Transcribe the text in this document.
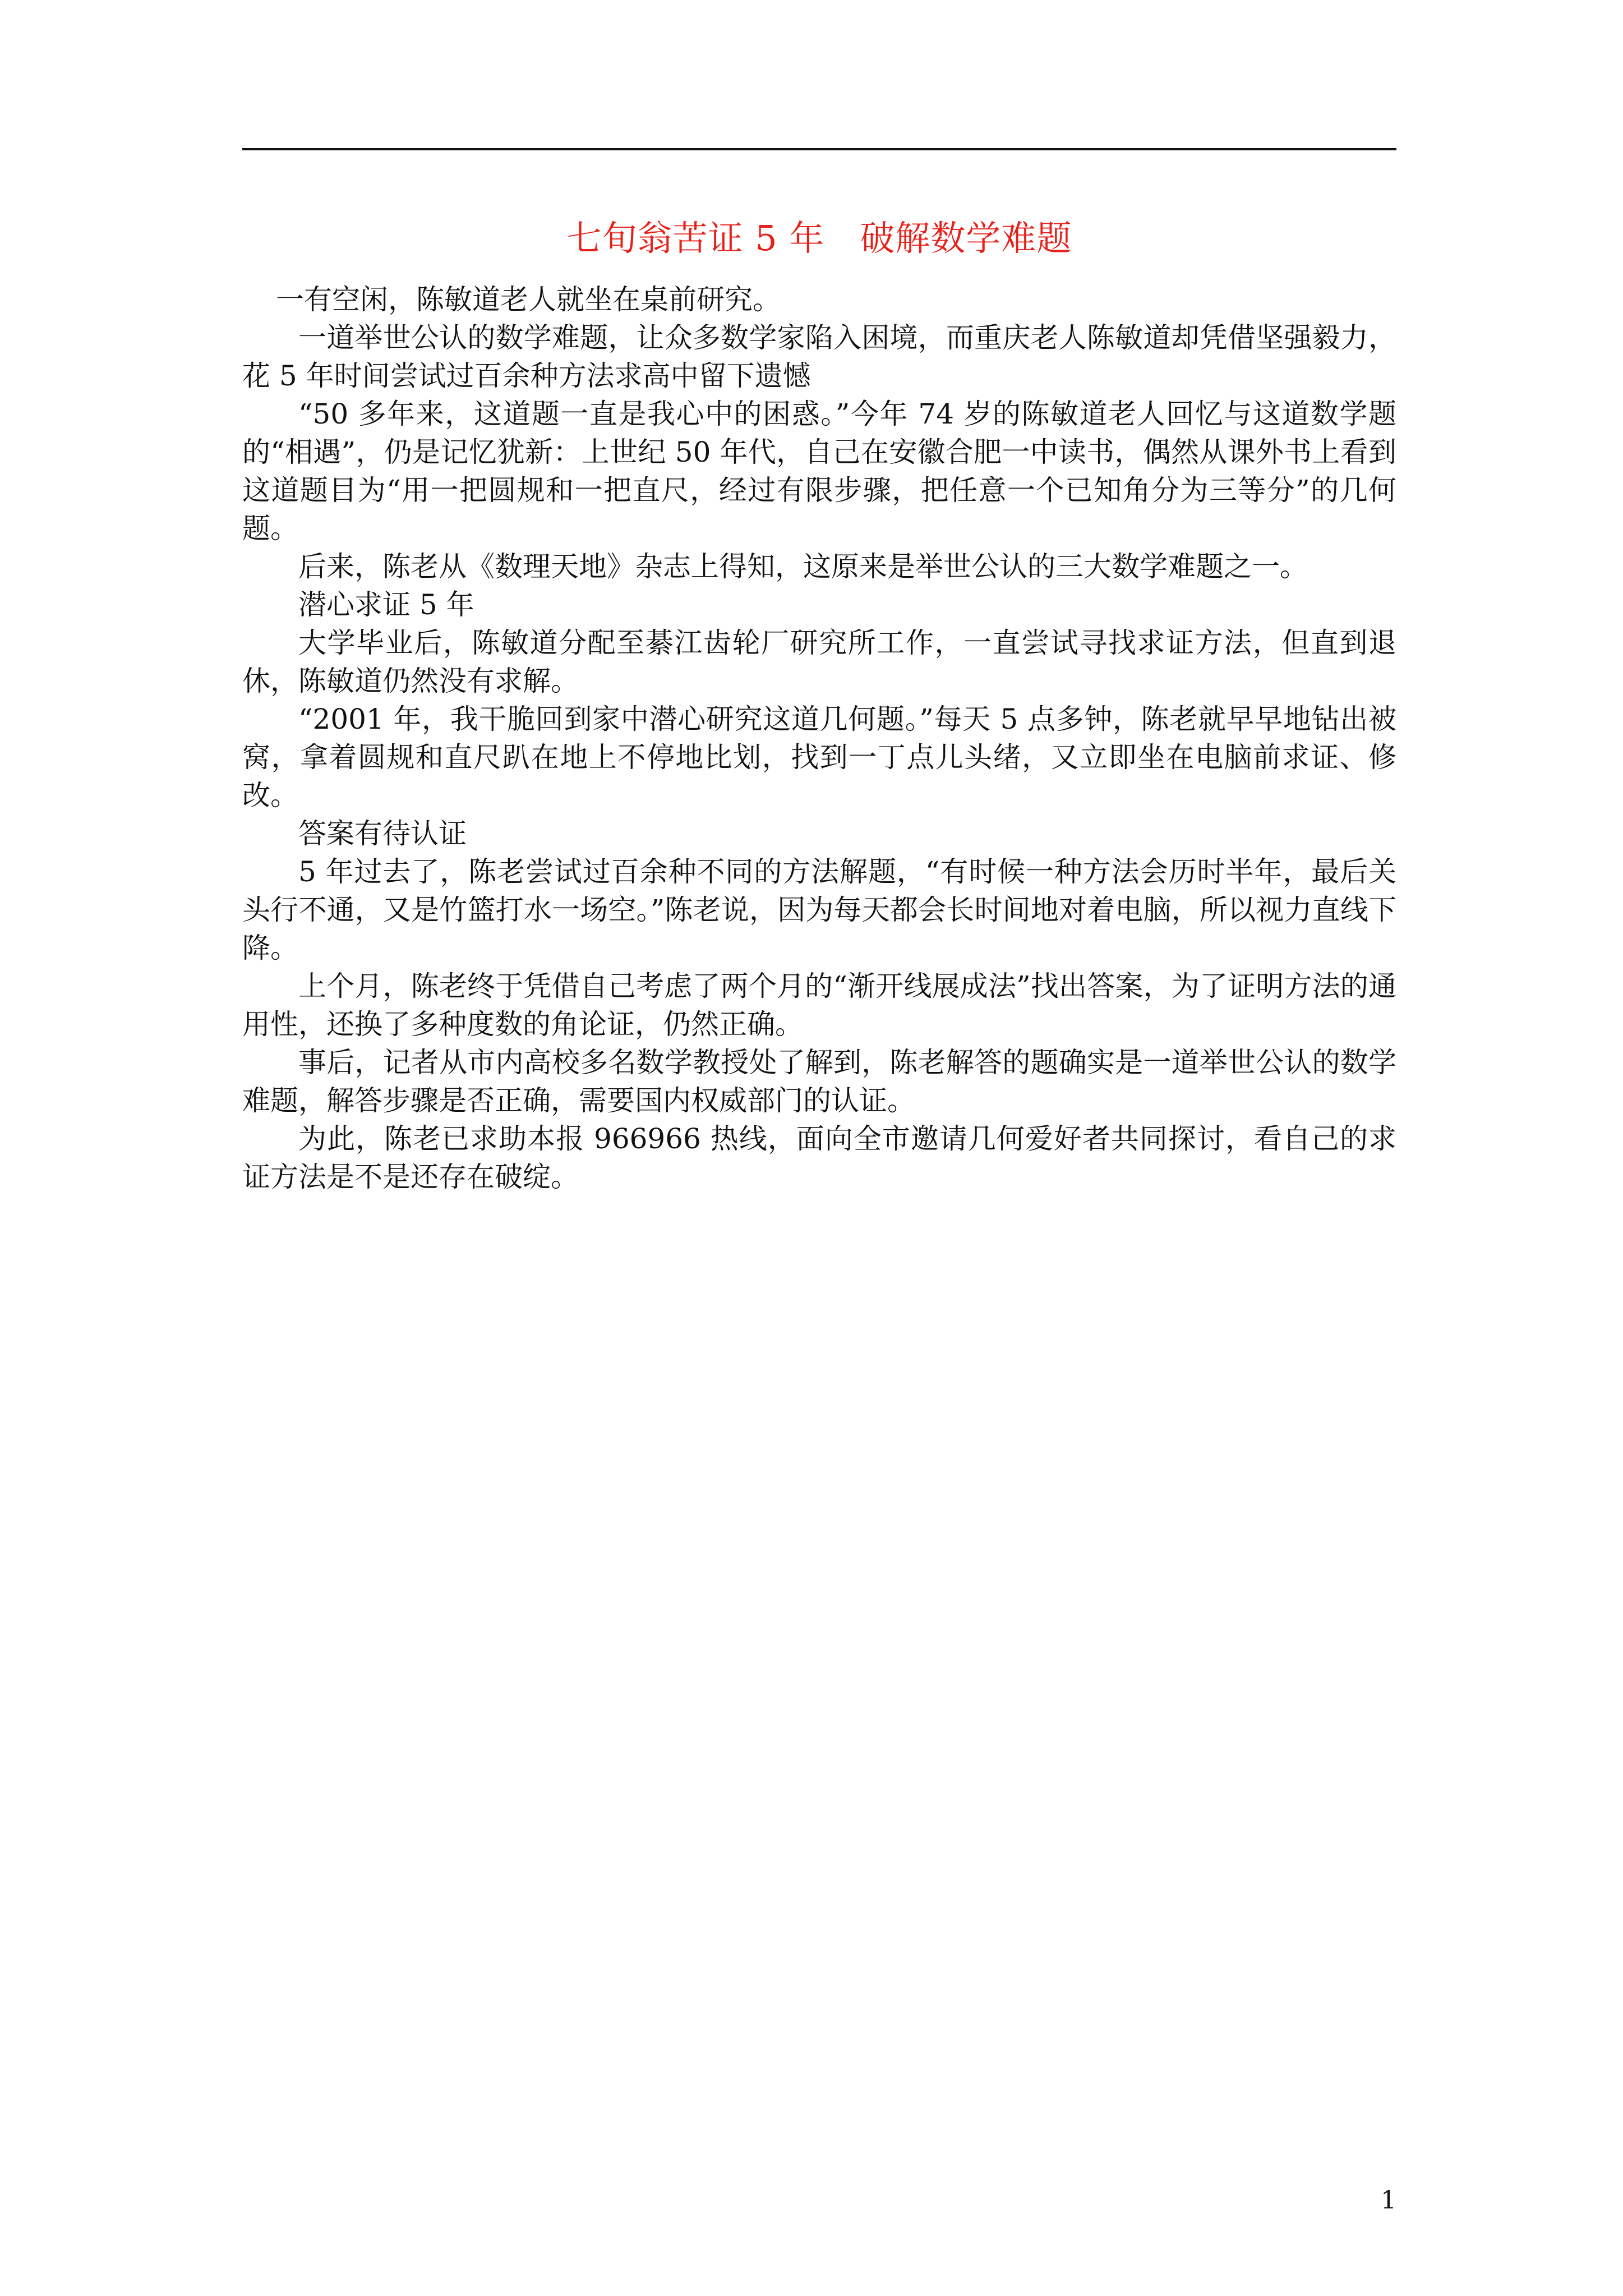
七旬翁苦证 5 年　破解数学难题

一有空闲，陈敏道老人就坐在桌前研究。

一道举世公认的数学难题，让众多数学家陷入困境，而重庆老人陈敏道却凭借坚强毅力，花 5 年时间尝试过百余种方法求高中留下遗憾

“50 多年来，这道题一直是我心中的困惑。”今年 74 岁的陈敏道老人回忆与这道数学题的“相遇”，仍是记忆犹新：上世纪 50 年代，自己在安徽合肥一中读书，偶然从课外书上看到这道题目为“用一把圆规和一把直尺，经过有限步骤，把任意一个已知角分为三等分”的几何题。

后来，陈老从《数理天地》杂志上得知，这原来是举世公认的三大数学难题之一。

潜心求证 5 年

大学毕业后，陈敏道分配至綦江齿轮厂研究所工作，一直尝试寻找求证方法，但直到退休，陈敏道仍然没有求解。

“2001 年，我干脆回到家中潜心研究这道几何题。”每天 5 点多钟，陈老就早早地钻出被窝，拿着圆规和直尺趴在地上不停地比划，找到一丁点儿头绪，又立即坐在电脑前求证、修改。

答案有待认证

5 年过去了，陈老尝试过百余种不同的方法解题，“有时候一种方法会历时半年，最后关头行不通，又是竹篮打水一场空。”陈老说，因为每天都会长时间地对着电脑，所以视力直线下降。

上个月，陈老终于凭借自己考虑了两个月的“渐开线展成法”找出答案，为了证明方法的通用性，还换了多种度数的角论证，仍然正确。

事后，记者从市内高校多名数学教授处了解到，陈老解答的题确实是一道举世公认的数学难题，解答步骤是否正确，需要国内权威部门的认证。

为此，陈老已求助本报 966966 热线，面向全市邀请几何爱好者共同探讨，看自己的求证方法是不是还存在破绽。

1
